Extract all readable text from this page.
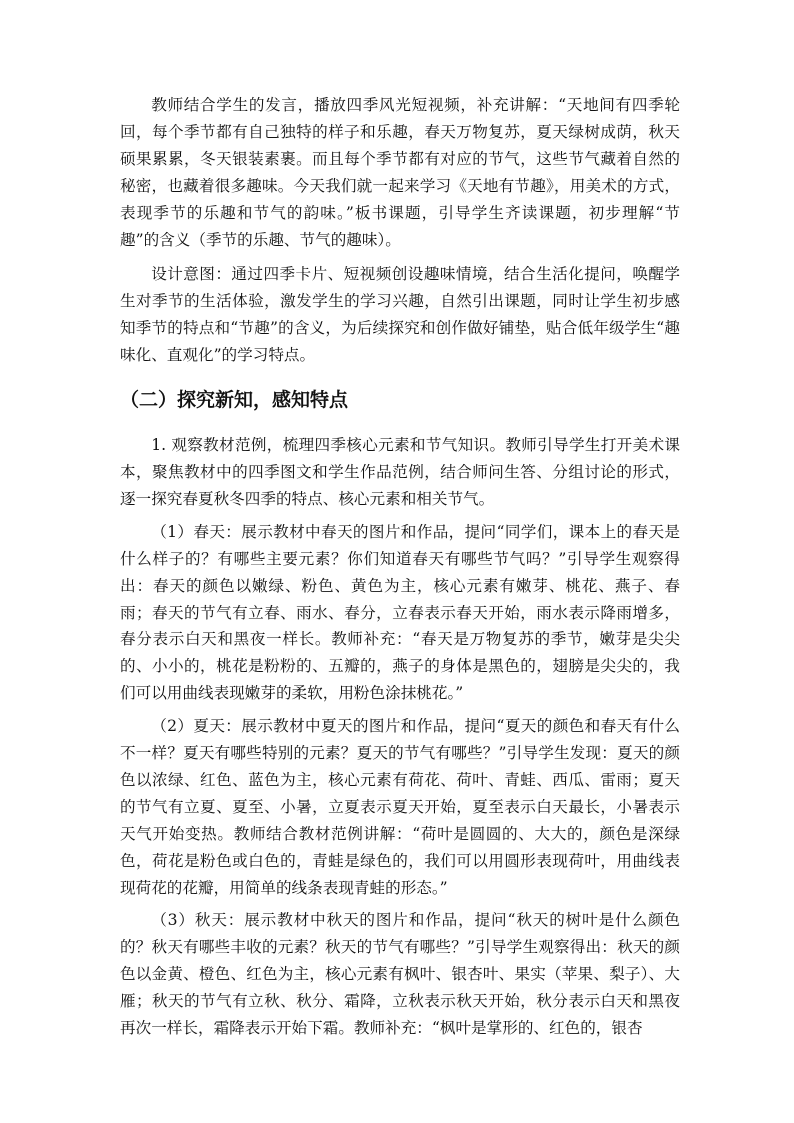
教师结合学生的发言，播放四季风光短视频，补充讲解：“天地间有四季轮回，每个季节都有自己独特的样子和乐趣，春天万物复苏，夏天绿树成荫，秋天硕果累累，冬天银装素裹。而且每个季节都有对应的节气，这些节气藏着自然的秘密，也藏着很多趣味。今天我们就一起来学习《天地有节趣》，用美术的方式，表现季节的乐趣和节气的韵味。”板书课题，引导学生齐读课题，初步理解“节趣”的含义（季节的乐趣、节气的趣味）。

设计意图：通过四季卡片、短视频创设趣味情境，结合生活化提问，唤醒学生对季节的生活体验，激发学生的学习兴趣，自然引出课题，同时让学生初步感知季节的特点和“节趣”的含义，为后续探究和创作做好铺垫，贴合低年级学生“趣味化、直观化”的学习特点。

（二）探究新知，感知特点

1. 观察教材范例，梳理四季核心元素和节气知识。教师引导学生打开美术课本，聚焦教材中的四季图文和学生作品范例，结合师问生答、分组讨论的形式，逐一探究春夏秋冬四季的特点、核心元素和相关节气。

（1）春天：展示教材中春天的图片和作品，提问“同学们，课本上的春天是什么样子的？有哪些主要元素？你们知道春天有哪些节气吗？”引导学生观察得出：春天的颜色以嫩绿、粉色、黄色为主，核心元素有嫩芽、桃花、燕子、春雨；春天的节气有立春、雨水、春分，立春表示春天开始，雨水表示降雨增多，春分表示白天和黑夜一样长。教师补充：“春天是万物复苏的季节，嫩芽是尖尖的、小小的，桃花是粉粉的、五瓣的，燕子的身体是黑色的，翅膀是尖尖的，我们可以用曲线表现嫩芽的柔软，用粉色涂抹桃花。”

（2）夏天：展示教材中夏天的图片和作品，提问“夏天的颜色和春天有什么不一样？夏天有哪些特别的元素？夏天的节气有哪些？”引导学生发现：夏天的颜色以浓绿、红色、蓝色为主，核心元素有荷花、荷叶、青蛙、西瓜、雷雨；夏天的节气有立夏、夏至、小暑，立夏表示夏天开始，夏至表示白天最长，小暑表示天气开始变热。教师结合教材范例讲解：“荷叶是圆圆的、大大的，颜色是深绿色，荷花是粉色或白色的，青蛙是绿色的，我们可以用圆形表现荷叶，用曲线表现荷花的花瓣，用简单的线条表现青蛙的形态。”

（3）秋天：展示教材中秋天的图片和作品，提问“秋天的树叶是什么颜色的？秋天有哪些丰收的元素？秋天的节气有哪些？”引导学生观察得出：秋天的颜色以金黄、橙色、红色为主，核心元素有枫叶、银杏叶、果实（苹果、梨子）、大雁；秋天的节气有立秋、秋分、霜降，立秋表示秋天开始，秋分表示白天和黑夜再次一样长，霜降表示开始下霜。教师补充：“枫叶是掌形的、红色的，银杏
